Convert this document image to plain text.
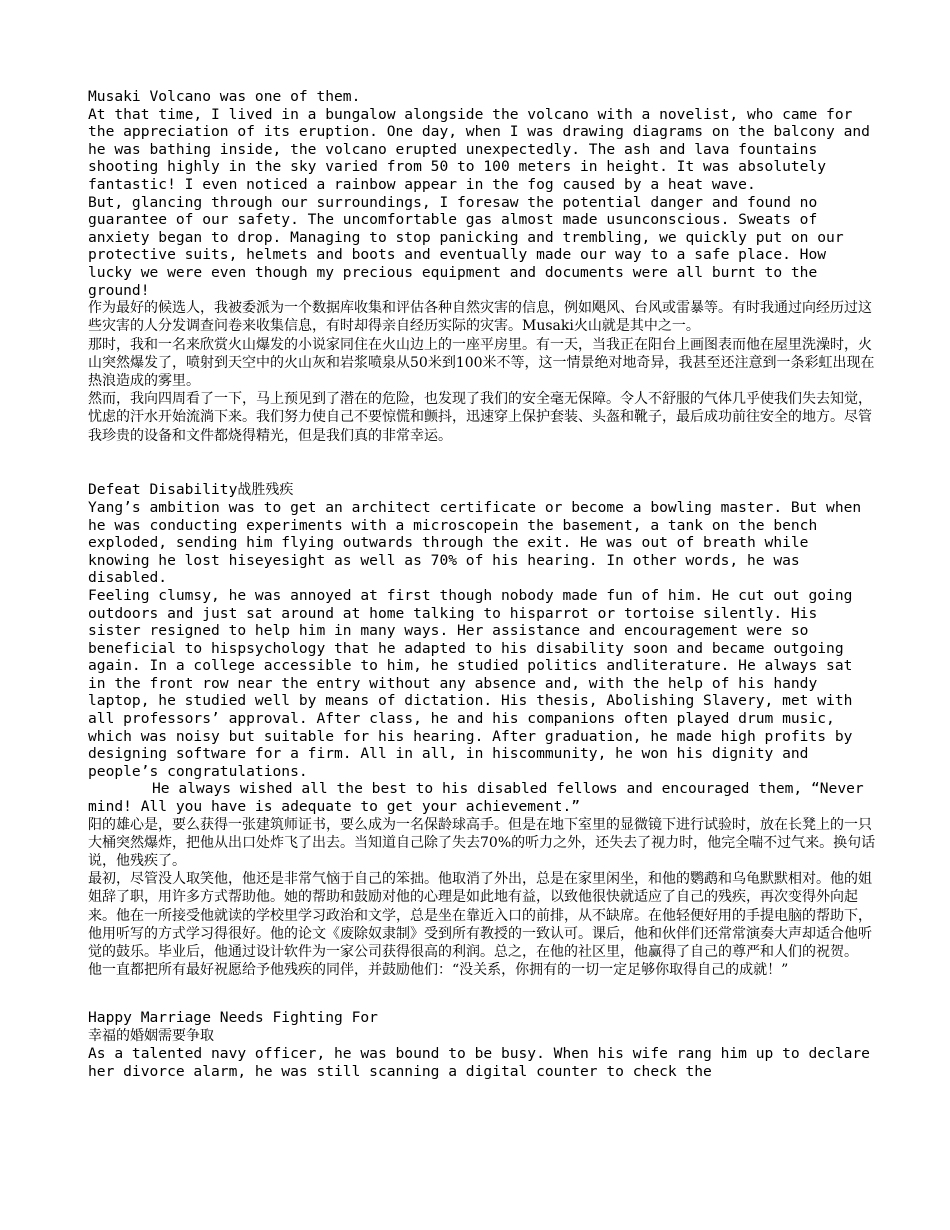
Musaki Volcano was one of them.

At that time, I lived in a bungalow alongside the volcano with a novelist, who came for the appreciation of its eruption. One day, when I was drawing diagrams on the balcony and he was bathing inside, the volcano erupted unexpectedly. The ash and lava fountains shooting highly in the sky varied from 50 to 100 meters in height. It was absolutely fantastic! I even noticed a rainbow appear in the fog caused by a heat wave.

But, glancing through our surroundings, I foresaw the potential danger and found no guarantee of our safety. The uncomfortable gas almost made usunconscious. Sweats of anxiety began to drop. Managing to stop panicking and trembling, we quickly put on our protective suits, helmets and boots and eventually made our way to a safe place. How lucky we were even though my precious equipment and documents were all burnt to the ground!

作为最好的候选人，我被委派为一个数据库收集和评估各种自然灾害的信息，例如飓风、台风或雷暴等。有时我通过向经历过这些灾害的人分发调查问卷来收集信息，有时却得亲自经历实际的灾害。Musaki火山就是其中之一。

那时，我和一名来欣赏火山爆发的小说家同住在火山边上的一座平房里。有一天，当我正在阳台上画图表而他在屋里洗澡时，火山突然爆发了，喷射到天空中的火山灰和岩浆喷泉从50米到100米不等，这一情景绝对地奇异，我甚至还注意到一条彩虹出现在热浪造成的雾里。

然而，我向四周看了一下，马上预见到了潜在的危险，也发现了我们的安全毫无保障。令人不舒服的气体几乎使我们失去知觉，忧虑的汗水开始流淌下来。我们努力使自己不要惊慌和颤抖，迅速穿上保护套装、头盔和靴子，最后成功前往安全的地方。尽管我珍贵的设备和文件都烧得精光，但是我们真的非常幸运。

Defeat Disability战胜残疾

Yang’s ambition was to get an architect certificate or become a bowling master. But when he was conducting experiments with a microscopein the basement, a tank on the bench exploded, sending him flying outwards through the exit. He was out of breath while knowing he lost hiseyesight as well as 70% of his hearing. In other words, he was disabled.

Feeling clumsy, he was annoyed at first though nobody made fun of him. He cut out going outdoors and just sat around at home talking to hisparrot or tortoise silently. His sister resigned to help him in many ways. Her assistance and encouragement were so beneficial to hispsychology that he adapted to his disability soon and became outgoing again. In a college accessible to him, he studied politics andliterature. He always sat in the front row near the entry without any absence and, with the help of his handy laptop, he studied well by means of dictation. His thesis, Abolishing Slavery, met with all professors’ approval. After class, he and his companions often played drum music, which was noisy but suitable for his hearing. After graduation, he made high profits by designing software for a firm. All in all, in hiscommunity, he won his dignity and people’s congratulations.

He always wished all the best to his disabled fellows and encouraged them, “Never mind! All you have is adequate to get your achievement.”

阳的雄心是，要么获得一张建筑师证书，要么成为一名保龄球高手。但是在地下室里的显微镜下进行试验时，放在长凳上的一只大桶突然爆炸，把他从出口处炸飞了出去。当知道自己除了失去70%的听力之外，还失去了视力时，他完全喘不过气来。换句话说，他残疾了。

最初，尽管没人取笑他，他还是非常气恼于自己的笨拙。他取消了外出，总是在家里闲坐，和他的鹦鹉和乌龟默默相对。他的姐姐辞了职，用许多方式帮助他。她的帮助和鼓励对他的心理是如此地有益，以致他很快就适应了自己的残疾，再次变得外向起来。他在一所接受他就读的学校里学习政治和文学，总是坐在靠近入口的前排，从不缺席。在他轻便好用的手提电脑的帮助下，他用听写的方式学习得很好。他的论文《废除奴隶制》受到所有教授的一致认可。课后，他和伙伴们还常常演奏大声却适合他听觉的鼓乐。毕业后，他通过设计软件为一家公司获得很高的利润。总之，在他的社区里，他赢得了自己的尊严和人们的祝贺。

他一直都把所有最好祝愿给予他残疾的同伴，并鼓励他们：“没关系，你拥有的一切一定足够你取得自己的成就！”

Happy Marriage Needs Fighting For

幸福的婚姻需要争取

As a talented navy officer, he was bound to be busy. When his wife rang him up to declare her divorce alarm, he was still scanning a digital counter to check the
